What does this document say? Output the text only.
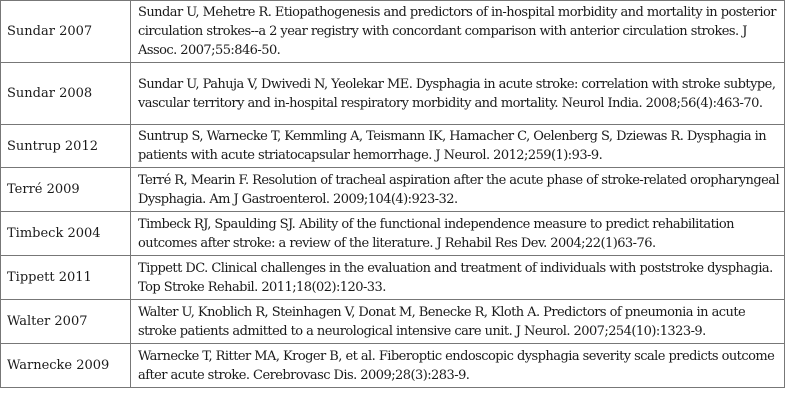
Sundar 2007	Sundar U, Mehetre R. Etiopathogenesis and predictors of in-hospital morbidity and mortality in posterior circulation strokes--a 2 year registry with concordant comparison with anterior circulation strokes. J Assoc. 2007;55:846-50.
Sundar 2008	Sundar U, Pahuja V, Dwivedi N, Yeolekar ME. Dysphagia in acute stroke: correlation with stroke subtype, vascular territory and in-hospital respiratory morbidity and mortality. Neurol India. 2008;56(4):463-70.
Suntrup 2012	Suntrup S, Warnecke T, Kemmling A, Teismann IK, Hamacher C, Oelenberg S, Dziewas R. Dysphagia in patients with acute striatocapsular hemorrhage. J Neurol. 2012;259(1):93-9.
Terré 2009	Terré R, Mearin F. Resolution of tracheal aspiration after the acute phase of stroke-related oropharyngeal Dysphagia. Am J Gastroenterol. 2009;104(4):923-32.
Timbeck 2004	Timbeck RJ, Spaulding SJ. Ability of the functional independence measure to predict rehabilitation outcomes after stroke: a review of the literature. J Rehabil Res Dev. 2004;22(1)63-76.
Tippett 2011	Tippett DC. Clinical challenges in the evaluation and treatment of individuals with poststroke dysphagia. Top Stroke Rehabil. 2011;18(02):120-33.
Walter 2007	Walter U, Knoblich R, Steinhagen V, Donat M, Benecke R, Kloth A. Predictors of pneumonia in acute stroke patients admitted to a neurological intensive care unit. J Neurol. 2007;254(10):1323-9.
Warnecke 2009	Warnecke T, Ritter MA, Kroger B, et al. Fiberoptic endoscopic dysphagia severity scale predicts outcome after acute stroke. Cerebrovasc Dis. 2009;28(3):283-9.
